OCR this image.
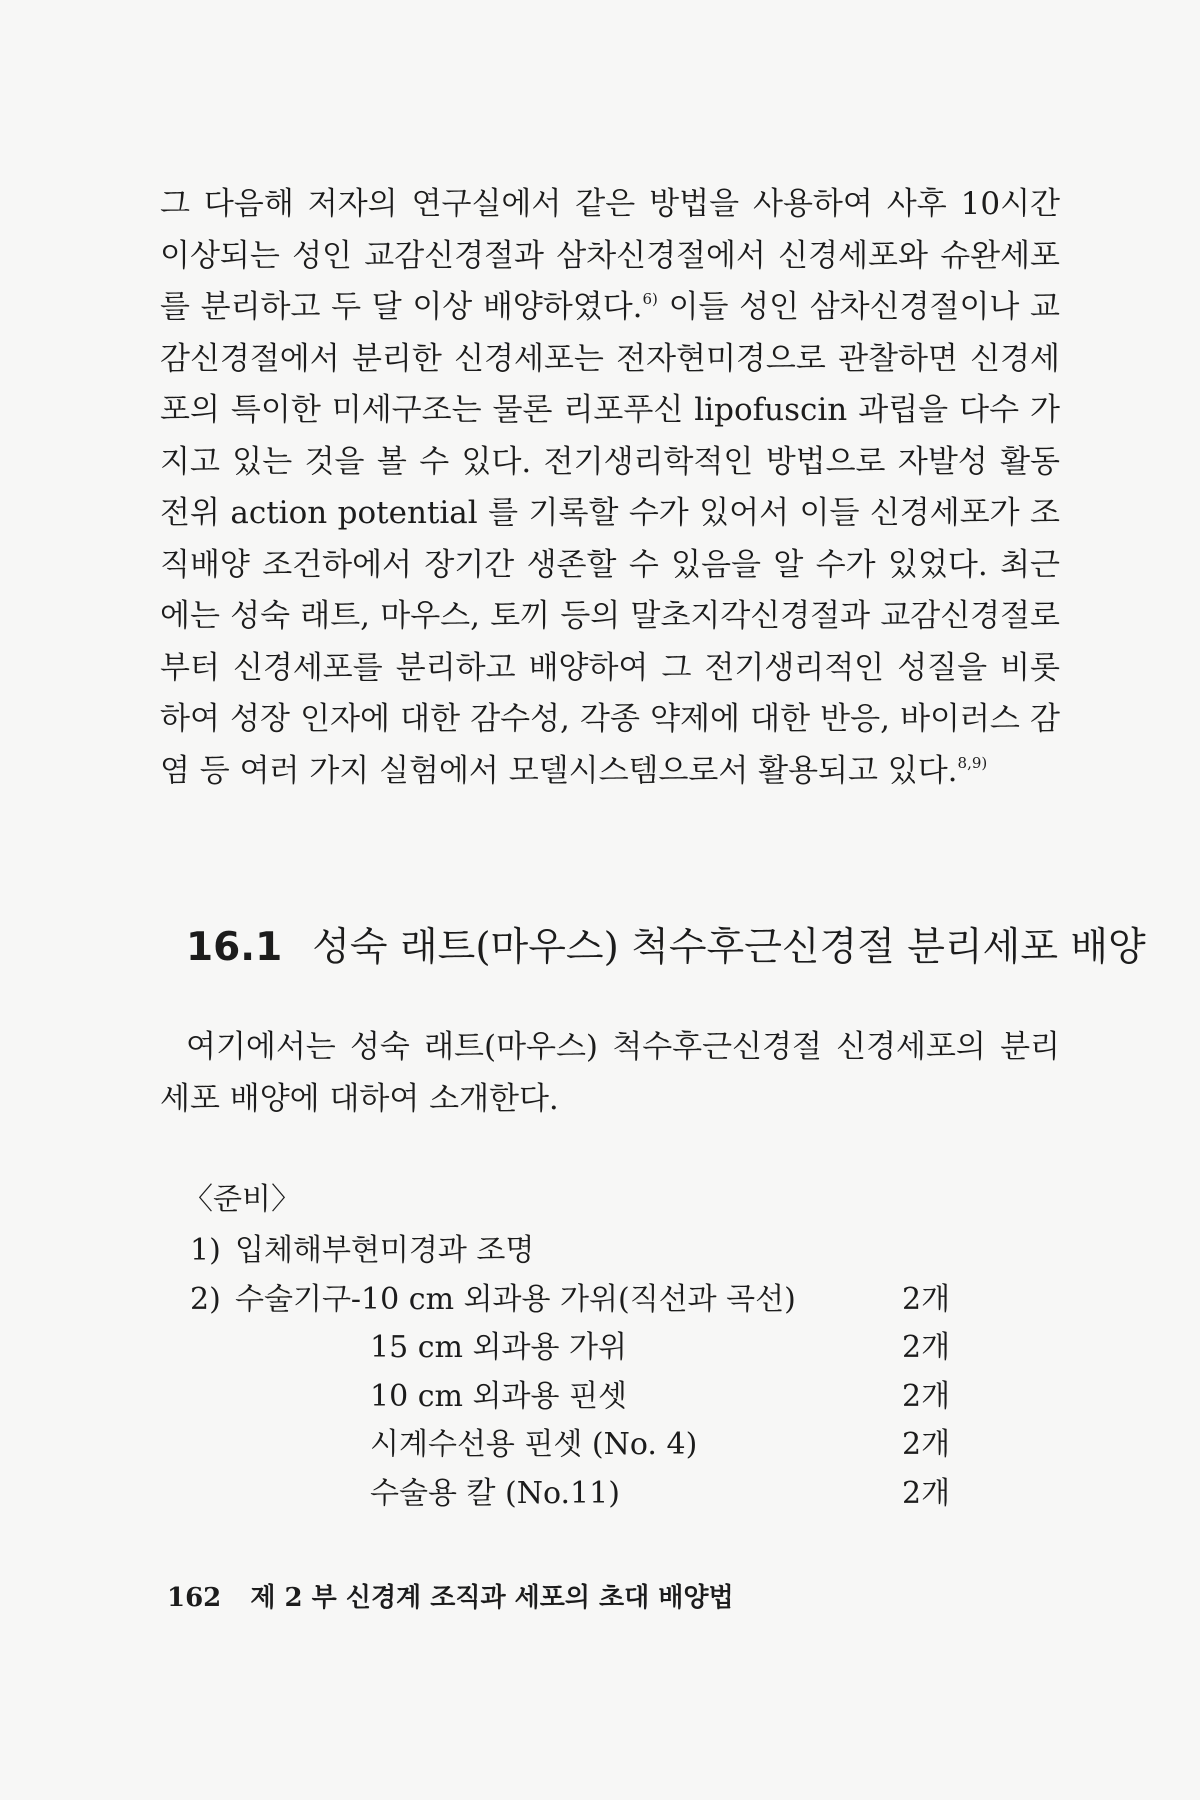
그 다음해 저자의 연구실에서 같은 방법을 사용하여 사후 10시간 이상되는 성인 교감신경절과 삼차신경절에서 신경세포와 슈완세포를 분리하고 두 달 이상 배양하였다.$^{6)}$ 이들 성인 삼차신경절이나 교감신경절에서 분리한 신경세포는 전자현미경으로 관찰하면 신경세포의 특이한 미세구조는 물론 리포푸신 lipofuscin 과립을 다수 가지고 있는 것을 볼 수 있다. 전기생리학적인 방법으로 자발성 활동전위 action potential 를 기록할 수가 있어서 이들 신경세포가 조직배양 조건하에서 장기간 생존할 수 있음을 알 수가 있었다. 최근에는 성숙 래트, 마우스, 토끼 등의 말초지각신경절과 교감신경절로부터 신경세포를 분리하고 배양하여 그 전기생리적인 성질을 비롯하여 성장 인자에 대한 감수성, 각종 약제에 대한 반응, 바이러스 감염 등 여러 가지 실험에서 모델시스템으로서 활용되고 있다.$^{8,9)}$

16.1 성숙 래트(마우스) 척수후근신경절 분리세포 배양

여기에서는 성숙 래트(마우스) 척수후근신경절 신경세포의 분리세포 배양에 대하여 소개한다.

〈준비〉
1) 입체해부현미경과 조명
2) 수술기구-10 cm 외과용 가위(직선과 곡선)	2개
15 cm 외과용 가위	2개
10 cm 외과용 핀셋	2개
시계수선용 핀셋 (No. 4)	2개
수술용 칼 (No.11)	2개
162 제 2 부 신경계 조직과 세포의 초대 배양법
